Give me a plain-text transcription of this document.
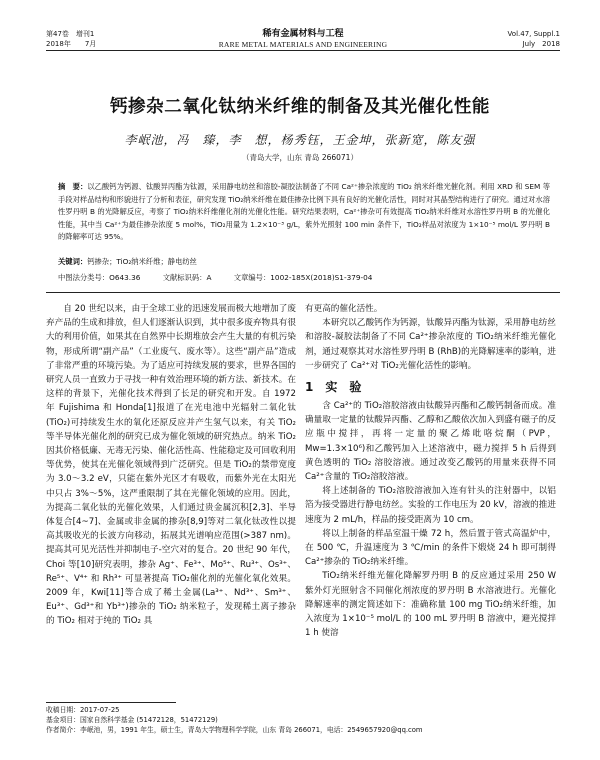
第47卷　增刊1
2018年　　7月
稀有金属材料与工程
RARE METAL MATERIALS AND ENGINEERING
Vol.47, Suppl.1
July　2018
钙掺杂二氧化钛纳米纤维的制备及其光催化性能
李岷池，冯　臻，李　想，杨秀钰，王金坤，张新宽，陈友强
（青岛大学，山东 青岛 266071）
摘　要：以乙酸钙为钙源、钛酸异丙酯为钛源，采用静电纺丝和溶胶-凝胶法制备了不同 Ca²⁺掺杂浓度的 TiO₂ 纳米纤维光催化剂。利用 XRD 和 SEM 等手段对样品结构和形貌进行了分析和表征，研究发现 TiO₂纳米纤维在最佳掺杂比例下具有良好的光催化活性，同时对其晶型结构进行了研究。通过对水溶性罗丹明 B 的光降解反应，考察了 TiO₂纳米纤维催化剂的光催化性能。研究结果表明，Ca²⁺掺杂可有效提高 TiO₂纳米纤维对水溶性罗丹明 B 的光催化性能，其中当 Ca²⁺为最佳掺杂浓度 5 mol%，TiO₂用量为 1.2×10⁻³ g/L，紫外光照射 100 min 条件下，TiO₂样品对浓度为 1×10⁻⁵ mol/L 罗丹明 B 的降解率可达 95%。
关键词：钙掺杂；TiO₂纳米纤维；静电纺丝
中图法分类号：O643.36	文献标识码：A	文章编号：1002-185X(2018)S1-379-04

自 20 世纪以来，由于全球工业的迅速发展而极大地增加了废弃产品的生成和排放，但人们逐渐认识到，其中很多废弃物具有很大的利用价值，如果其在自然界中长期堆放会产生大量的有机污染物，形成所谓“副产品”（工业废气、废水等）。这些“副产品”造成了非常严重的环境污染。为了适应可持续发展的要求，世界各国的研究人员一直致力于寻找一种有效治理环境的新方法、新技术。在这样的背景下，光催化技术得到了长足的研究和开发。自 1972 年 Fujishima 和 Honda[1]报道了在光电池中光辐射二氧化钛(TiO₂)可持续发生水的氧化还原反应并产生氢气以来，有关 TiO₂等半导体光催化剂的研究已成为催化领域的研究热点。纳米 TiO₂因其价格低廉、无毒无污染、催化活性高、性能稳定及可回收利用等优势，使其在光催化领域得到广泛研究。但是 TiO₂的禁带宽度为 3.0～3.2 eV，只能在紫外光区才有吸收，而紫外光在太阳光中只占 3%～5%，这严重限制了其在光催化领域的应用。因此，为提高二氧化钛的光催化效果，人们通过贵金属沉积[2,3]、半导体复合[4~7]、金属或非金属的掺杂[8,9]等对二氧化钛改性以提高其吸收光的长波方向移动，拓展其光谱响应范围(>387 nm)。提高其可见光活性并抑制电子-空穴对的复合。20 世纪 90 年代，Choi 等[10]研究表明，掺杂 Ag⁺、Fe³⁺、Mo⁵⁺、Ru³⁺、Os³⁺、Re⁵⁺、V⁴⁺ 和 Rh³⁺ 可显著提高 TiO₂催化剂的光催化氧化效果。2009 年，Kwi[11]等合成了稀土金属(La³⁺、Nd³⁺、Sm³⁺、Eu³⁺、Gd³⁺和 Yb³⁺)掺杂的 TiO₂ 纳米粒子，发现稀土离子掺杂的 TiO₂ 相对于纯的 TiO₂ 具

有更高的催化活性。

本研究以乙酸钙作为钙源，钛酸异丙酯为钛源，采用静电纺丝和溶胶-凝胶法制备了不同 Ca²⁺掺杂浓度的 TiO₂纳米纤维光催化剂，通过观察其对水溶性罗丹明 B (RhB)的光降解速率的影响，进一步研究了 Ca²⁺对 TiO₂光催化活性的影响。

1　实　验

含 Ca²⁺的 TiO₂溶胶溶液由钛酸异丙酯和乙酸钙制备而成。准确量取一定量的钛酸异丙酯、乙醇和乙酸依次加入到盛有磁子的反应瓶中搅拌，再将一定量的聚乙烯吡咯烷酮（PVP，Mw=1.3×10⁶)和乙酸钙加入上述溶液中，磁力搅拌 5 h 后得到黄色透明的 TiO₂ 溶胶溶液。通过改变乙酸钙的用量来获得不同 Ca²⁺含量的 TiO₂溶胶溶液。

将上述制备的 TiO₂溶胶溶液加入连有针头的注射器中，以铝箔为接受器进行静电纺丝。实验的工作电压为 20 kV，溶液的推进速度为 2 mL/h，样品的接受距离为 10 cm。

将以上制备的样品室温干燥 72 h，然后置于管式高温炉中，在 500 ℃，升温速度为 3 ℃/min 的条件下煅烧 24 h 即可制得 Ca²⁺掺杂的 TiO₂纳米纤维。

TiO₂纳米纤维光催化降解罗丹明 B 的反应通过采用 250 W 紫外灯光照射含不同催化剂浓度的罗丹明 B 水溶液进行。光催化降解速率的测定简述如下：准确称量 100 mg TiO₂纳米纤维，加入浓度为 1×10⁻⁵ mol/L 的 100 mL 罗丹明 B 溶液中，避光搅拌 1 h 使溶

收稿日期：2017-07-25
基金项目：国家自然科学基金 (51472128，51472129)
作者简介：李岷池，男，1991 年生，硕士生，青岛大学物理科学学院，山东 青岛 266071，电话：2549657920@qq.com
